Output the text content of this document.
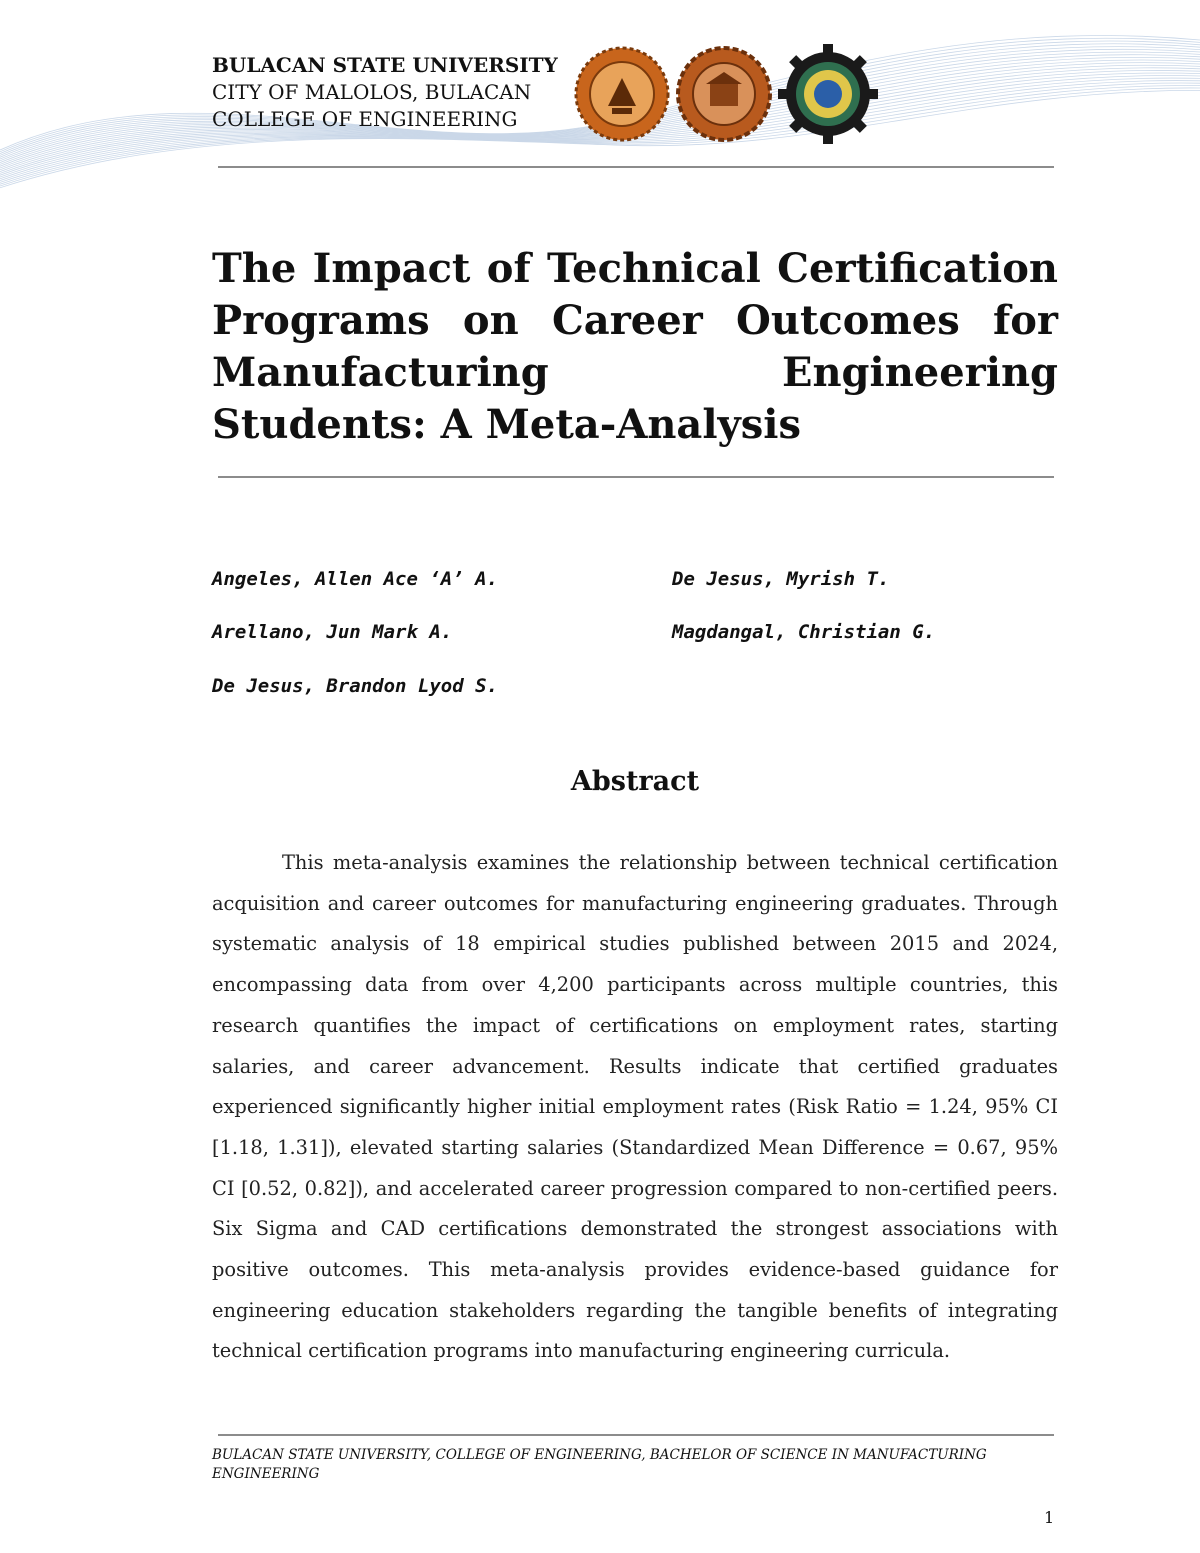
BULACAN STATE UNIVERSITY
CITY OF MALOLOS, BULACAN
COLLEGE OF ENGINEERING
The Impact of Technical Certification Programs on Career Outcomes for Manufacturing Engineering Students: A Meta-Analysis
Angeles, Allen Ace ‘A’ A.	De Jesus, Myrish T.
Arellano, Jun Mark A.	Magdangal, Christian G.
De Jesus, Brandon Lyod S.
Abstract
This meta-analysis examines the relationship between technical certification acquisition and career outcomes for manufacturing engineering graduates. Through systematic analysis of 18 empirical studies published between 2015 and 2024, encompassing data from over 4,200 participants across multiple countries, this research quantifies the impact of certifications on employment rates, starting salaries, and career advancement. Results indicate that certified graduates experienced significantly higher initial employment rates (Risk Ratio = 1.24, 95% CI [1.18, 1.31]), elevated starting salaries (Standardized Mean Difference = 0.67, 95% CI [0.52, 0.82]), and accelerated career progression compared to non-certified peers. Six Sigma and CAD certifications demonstrated the strongest associations with positive outcomes. This meta-analysis provides evidence-based guidance for engineering education stakeholders regarding the tangible benefits of integrating technical certification programs into manufacturing engineering curricula.
BULACAN STATE UNIVERSITY, COLLEGE OF ENGINEERING, BACHELOR OF SCIENCE IN MANUFACTURING ENGINEERING
1
